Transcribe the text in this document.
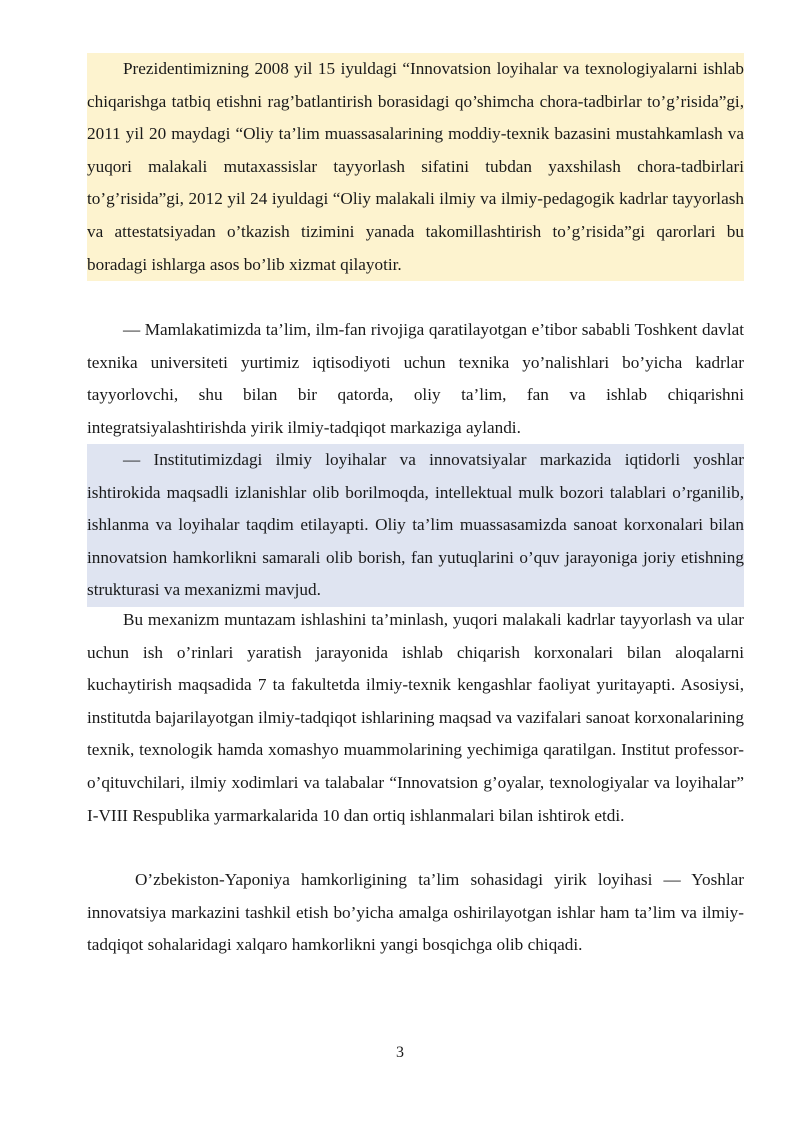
Prezidentimizning 2008 yil 15 iyuldagi “Innovatsion loyihalar va texnologiyalarni ishlab chiqarishga tatbiq etishni rag’batlantirish borasidagi qo’shimcha chora-tadbirlar to’g’risida”gi, 2011 yil 20 maydagi “Oliy ta’lim muassasalarining moddiy-texnik bazasini mustahkamlash va yuqori malakali mutaxassislar tayyorlash sifatini tubdan yaxshilash chora-tadbirlari to’g’risida”gi, 2012 yil 24 iyuldagi “Oliy malakali ilmiy va ilmiy-pedagogik kadrlar tayyorlash va attestatsiyadan o’tkazish tizimini yanada takomillashtirish to’g’risida”gi qarorlari bu boradagi ishlarga asos bo’lib xizmat qilayotir.

— Mamlakatimizda ta’lim, ilm-fan rivojiga qaratilayotgan e’tibor sababli Toshkent davlat texnika universiteti yurtimiz iqtisodiyoti uchun texnika yo’nalishlari bo’yicha kadrlar tayyorlovchi, shu bilan bir qatorda, oliy ta’lim, fan va ishlab chiqarishni integratsiyalashtirishda yirik ilmiy-tadqiqot markaziga aylandi.

— Institutimizdagi ilmiy loyihalar va innovatsiyalar markazida iqtidorli yoshlar ishtirokida maqsadli izlanishlar olib borilmoqda, intellektual mulk bozori talablari o’rganilib, ishlanma va loyihalar taqdim etilayapti. Oliy ta’lim muassasamizda sanoat korxonalari bilan innovatsion hamkorlikni samarali olib borish, fan yutuqlarini o’quv jarayoniga joriy etishning strukturasi va mexanizmi mavjud.

Bu mexanizm muntazam ishlashini ta’minlash, yuqori malakali kadrlar tayyorlash va ular uchun ish o’rinlari yaratish jarayonida ishlab chiqarish korxonalari bilan aloqalarni kuchaytirish maqsadida 7 ta fakultetda ilmiy-texnik kengashlar faoliyat yuritayapti. Asosiysi, institutda bajarilayotgan ilmiy-tadqiqot ishlarining maqsad va vazifalari sanoat korxonalarining texnik, texnologik hamda xomashyo muammolarining yechimiga qaratilgan. Institut professor-o’qituvchilari, ilmiy xodimlari va talabalar “Innovatsion g’oyalar, texnologiyalar va loyihalar” I-VIII Respublika yarmarkalarida 10 dan ortiq ishlanmalari bilan ishtirok etdi.

O’zbekiston-Yaponiya hamkorligining ta’lim sohasidagi yirik loyihasi — Yoshlar innovatsiya markazini tashkil etish bo’yicha amalga oshirilayotgan ishlar ham ta’lim va ilmiy-tadqiqot sohalaridagi xalqaro hamkorlikni yangi bosqichga olib chiqadi.

3
